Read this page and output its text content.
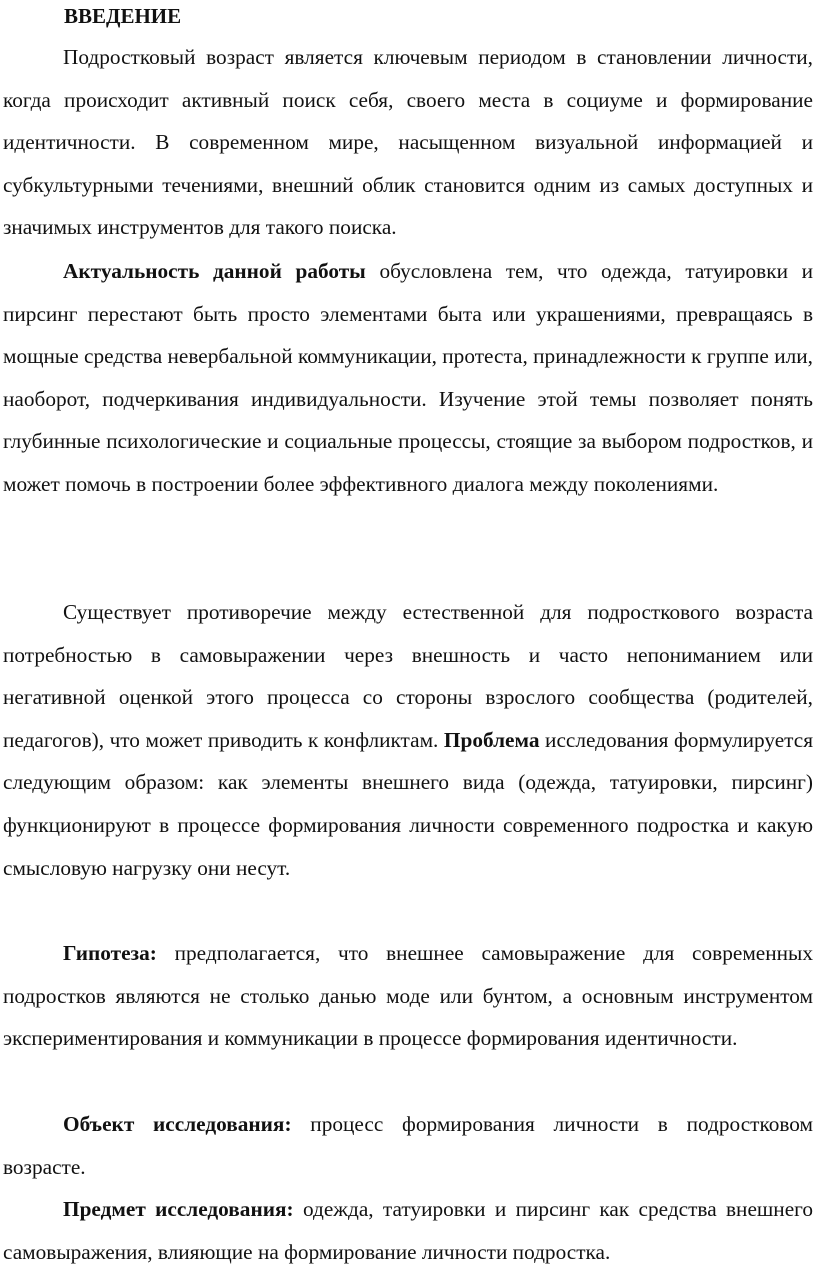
ВВЕДЕНИЕ

Подростковый возраст является ключевым периодом в становлении личности, когда происходит активный поиск себя, своего места в социуме и формирование идентичности. В современном мире, насыщенном визуальной информацией и субкультурными течениями, внешний облик становится одним из самых доступных и значимых инструментов для такого поиска.

Актуальность данной работы обусловлена тем, что одежда, татуировки и пирсинг перестают быть просто элементами быта или украшениями, превращаясь в мощные средства невербальной коммуникации, протеста, принадлежности к группе или, наоборот, подчеркивания индивидуальности. Изучение этой темы позволяет понять глубинные психологические и социальные процессы, стоящие за выбором подростков, и может помочь в построении более эффективного диалога между поколениями.

Существует противоречие между естественной для подросткового возраста потребностью в самовыражении через внешность и часто непониманием или негативной оценкой этого процесса со стороны взрослого сообщества (родителей, педагогов), что может приводить к конфликтам. Проблема исследования формулируется следующим образом: как элементы внешнего вида (одежда, татуировки, пирсинг) функционируют в процессе формирования личности современного подростка и какую смысловую нагрузку они несут.

Гипотеза: предполагается, что внешнее самовыражение для современных подростков являются не столько данью моде или бунтом, а основным инструментом экспериментирования и коммуникации в процессе формирования идентичности.

Объект исследования: процесс формирования личности в подростковом возрасте.

Предмет исследования: одежда, татуировки и пирсинг как средства внешнего самовыражения, влияющие на формирование личности подростка.
